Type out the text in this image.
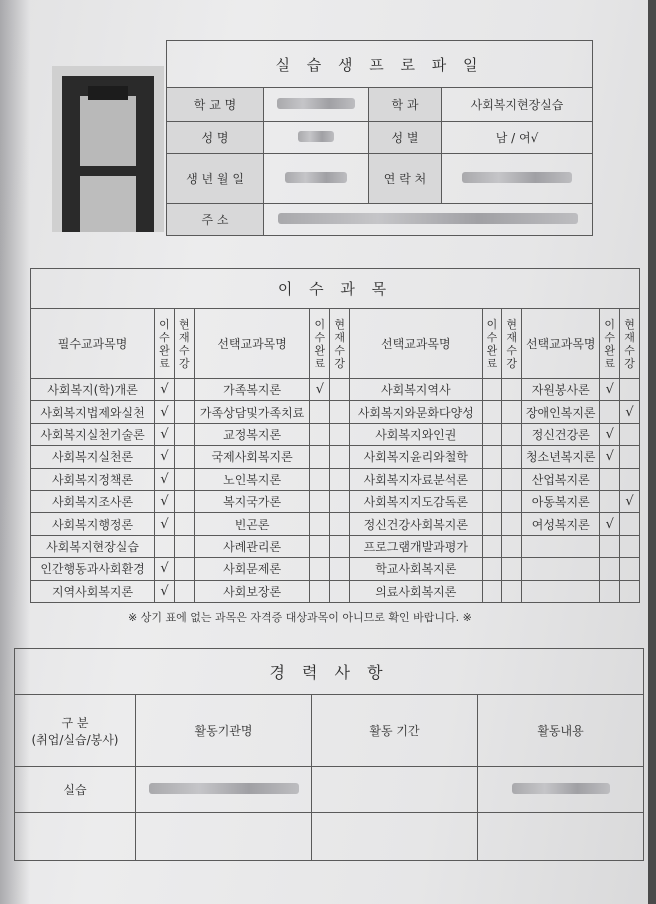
	실 습 생 프 로 파 일			
	학 교 명		학 과	사회복지현장실습
	성 명		성 별	남 / 여√
	생 년 월 일		연 락 처	
	주 소			
이 수 과 목											
필수교과목명	이수완료	현재수강	선택교과목명	이수완료	현재수강	선택교과목명	이수완료	현재수강	선택교과목명	이수완료	현재수강
사회복지(학)개론	√		가족복지론	√		사회복지역사			자원봉사론	√	
사회복지법제와실천	√		가족상담및가족치료			사회복지와문화다양성			장애인복지론		√
사회복지실천기술론	√		교정복지론			사회복지와인권			정신건강론	√	
사회복지실천론	√		국제사회복지론			사회복지윤리와철학			청소년복지론	√	
사회복지정책론	√		노인복지론			사회복지자료분석론			산업복지론		
사회복지조사론	√		복지국가론			사회복지지도감독론			아동복지론		√
사회복지행정론	√		빈곤론			정신건강사회복지론			여성복지론	√	
사회복지현장실습			사례관리론			프로그램개발과평가					
인간행동과사회환경	√		사회문제론			학교사회복지론					
지역사회복지론	√		사회보장론			의료사회복지론					
※ 상기 표에 없는 과목은 자격증 대상과목이 아니므로 확인 바랍니다. ※
경 력 사 항			

구 분
(취업/실습/봉사)	활동기관명	활동 기간	활동내용
실습			
